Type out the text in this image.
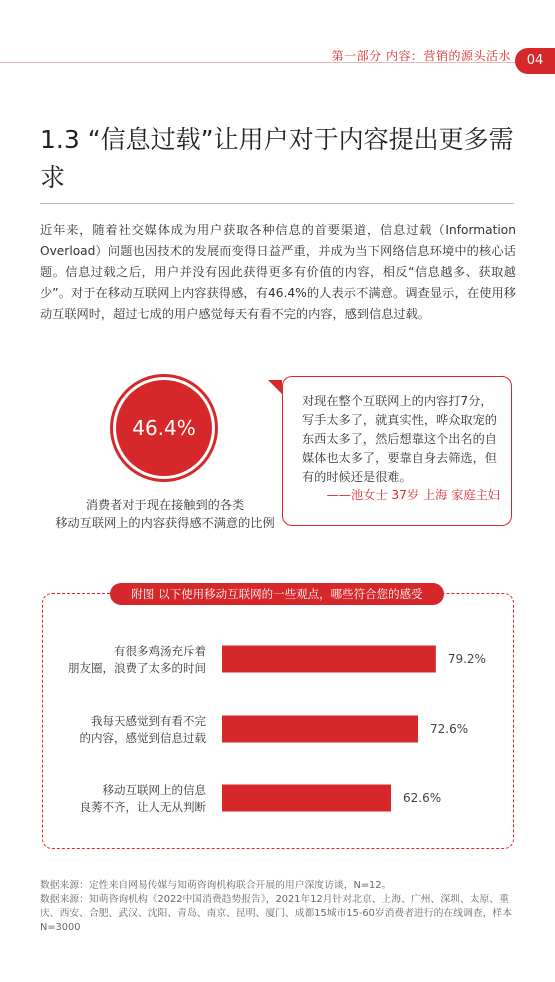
第一部分 内容：营销的源头活水	04
1.3 “信息过载”让用户对于内容提出更多需求

近年来，随着社交媒体成为用户获取各种信息的首要渠道，信息过载（Information Overload）问题也因技术的发展而变得日益严重，并成为当下网络信息环境中的核心话题。信息过载之后，用户并没有因此获得更多有价值的内容，相反“信息越多、获取越少”。对于在移动互联网上内容获得感，有46.4%的人表示不满意。调查显示，在使用移动互联网时，超过七成的用户感觉每天有看不完的内容，感到信息过载。

46.4%
消费者对于现在接触到的各类
移动互联网上的内容获得感不满意的比例
对现在整个互联网上的内容打7分，写手太多了，就真实性，哗众取宠的东西太多了，然后想靠这个出名的自媒体也太多了，要靠自身去筛选，但有的时候还是很难。
——池女士 37岁 上海 家庭主妇
79.2%
有很多鸡汤充斥着
朋友圈，浪费了太多的时间
72.6%
我每天感觉到有看不完
的内容，感觉到信息过载
62.6%
移动互联网上的信息
良莠不齐，让人无从判断
附图 以下使用移动互联网的一些观点，哪些符合您的感受
数据来源：定性来自网易传媒与知萌咨询机构联合开展的用户深度访谈，N=12。
数据来源：知萌咨询机构《2022中国消费趋势报告》，2021年12月针对北京、上海、广州、深圳、太原、重庆、西安、合肥、武汉、沈阳、青岛、南京、昆明、厦门、成都15城市15-60岁消费者进行的在线调查，样本N=3000
